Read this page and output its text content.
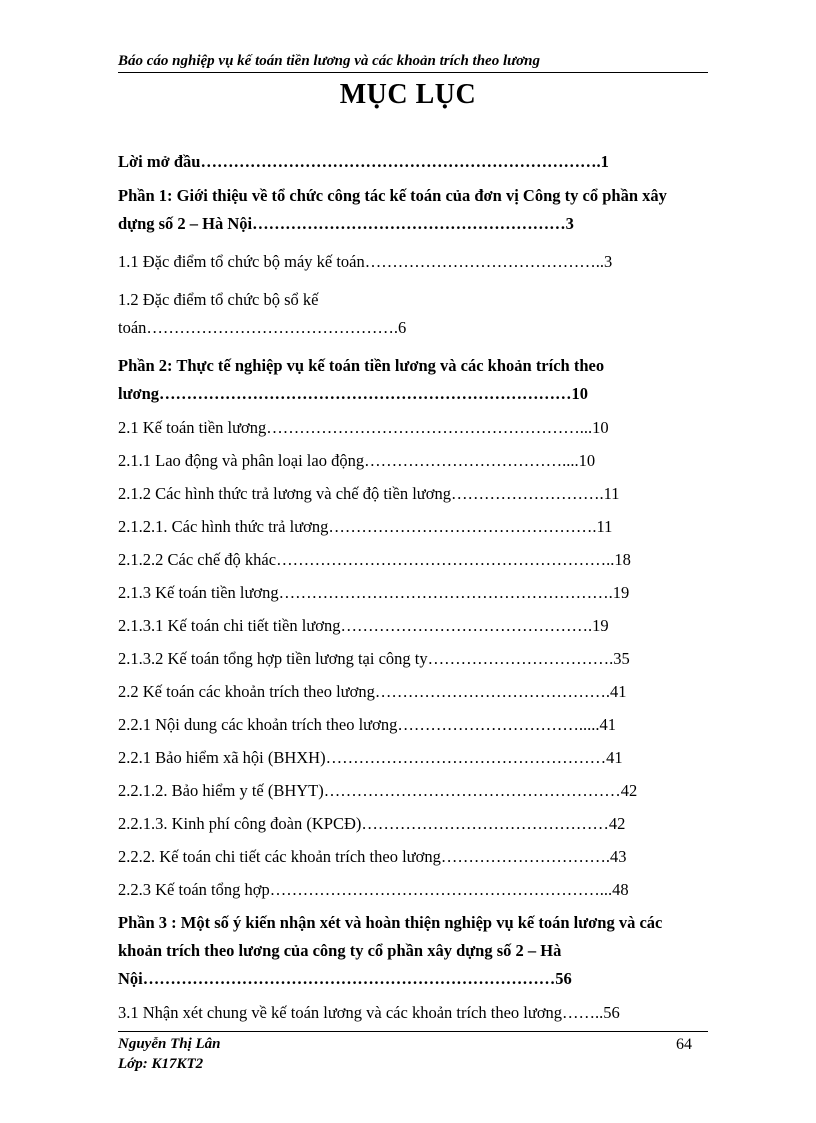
Báo cáo nghiệp vụ kế toán tiền lương và các khoản trích theo lương
MỤC LỤC
Lời mở đầu……………………………………………………………….1
Phần 1: Giới thiệu về tổ chức công tác kế toán của đơn vị Công ty cổ phần xây dựng số 2 – Hà Nội…………………………………………………3
1.1 Đặc điểm tổ chức bộ máy kế toán……………………………………..3
1.2 Đặc điểm tổ chức bộ sổ kế
toán……………………………………….6
Phần 2: Thực tế nghiệp vụ kế toán tiền lương và các khoản trích theo lương…………………………………………………………………10
2.1 Kế toán tiền lương…………………………………………………...10
2.1.1 Lao động và phân loại lao động………………………………....10
2.1.2 Các hình thức trả lương và chế độ tiền lương……………………….11
2.1.2.1. Các hình thức trả lương………………………………………….11
2.1.2.2 Các chế độ khác……………………………………………………..18
2.1.3 Kế toán tiền lương…………………………………………………….19
2.1.3.1 Kế toán chi tiết tiền lương……………………………………….19
2.1.3.2 Kế toán tổng hợp tiền lương tại công ty…………………………….35
2.2 Kế toán các khoản trích theo lương…………………………………….41
2.2.1 Nội dung các khoản trích theo lương…………………………….....41
2.2.1 Bảo hiểm xã hội (BHXH)……………………………………………41
2.2.1.2. Bảo hiểm y tế (BHYT)………………………………………………42
2.2.1.3. Kinh phí công đoàn (KPCĐ)………………………………………42
2.2.2. Kế toán chi tiết các khoản trích theo lương………………………….43
2.2.3 Kế toán tổng hợp……………………………………………………...48
Phần 3 : Một số ý kiến nhận xét và hoàn thiện nghiệp vụ kế toán lương và các khoản trích theo lương của công ty cổ phần xây dựng số 2 – Hà Nội…………………………………………………………………56
3.1 Nhận xét chung về kế toán lương và các khoản trích theo lương……..56
Nguyễn Thị Lân
Lớp: K17KT2
64
